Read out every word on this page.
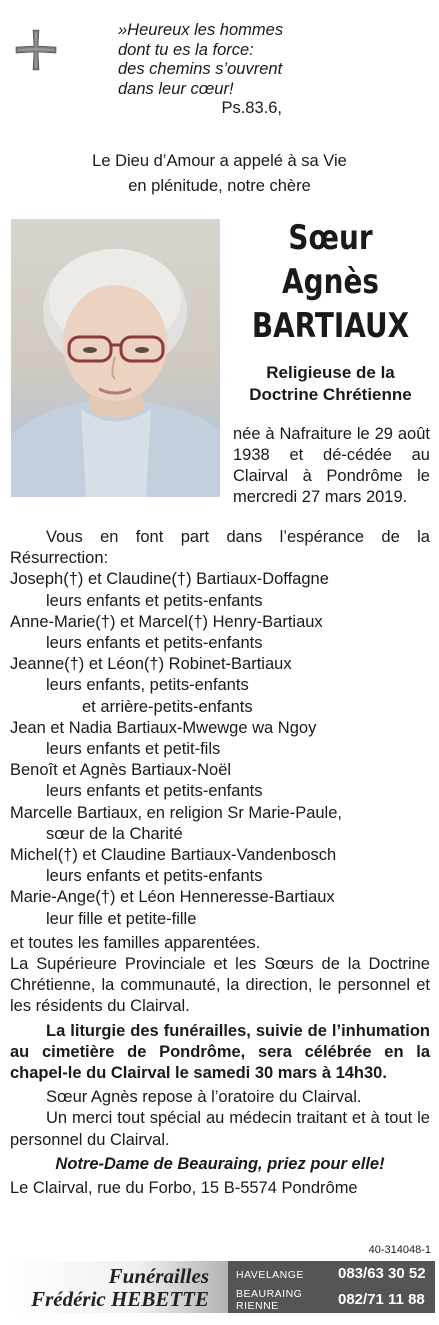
»Heureux les hommes
dont tu es la force:
des chemins s’ouvrent
dans leur cœur!
Ps.83.6,
Le Dieu d’Amour a appelé à sa Vie
en plénitude, notre chère
Sœur
Agnès
BARTIAUX
Religieuse de la
Doctrine Chrétienne
née à Nafraiture le 29 août 1938 et dé-cédée au Clairval à Pondrôme le mercredi 27 mars 2019.

Vous en font part dans l’espérance de la Résurrection:

Joseph(†) et Claudine(†) Bartiaux-Doffagne

leurs enfants et petits-enfants

Anne-Marie(†) et Marcel(†) Henry-Bartiaux

leurs enfants et petits-enfants

Jeanne(†) et Léon(†) Robinet-Bartiaux

leurs enfants, petits-enfants

et arrière-petits-enfants

Jean et Nadia Bartiaux-Mwewge wa Ngoy

leurs enfants et petit-fils

Benoît et Agnès Bartiaux-Noël

leurs enfants et petits-enfants

Marcelle Bartiaux, en religion Sr Marie-Paule,

sœur de la Charité

Michel(†) et Claudine Bartiaux-Vandenbosch

leurs enfants et petits-enfants

Marie-Ange(†) et Léon Henneresse-Bartiaux

leur fille et petite-fille

et toutes les familles apparentées.

La Supérieure Provinciale et les Sœurs de la Doctrine Chrétienne, la communauté, la direction, le personnel et les résidents du Clairval.

La liturgie des funérailles, suivie de l’inhumation au cimetière de Pondrôme, sera célébrée en la chapel-le du Clairval le samedi 30 mars à 14h30.

Sœur Agnès repose à l’oratoire du Clairval.

Un merci tout spécial au médecin traitant et à tout le personnel du Clairval.

Notre-Dame de Beauraing, priez pour elle!

Le Clairval, rue du Forbo, 15 B-5574 Pondrôme

40-314048-1
Funérailles
Frédéric HEBETTE
HAVELANGE 083/63 30 52
BEAURAING
RIENNE	082/71 11 88
